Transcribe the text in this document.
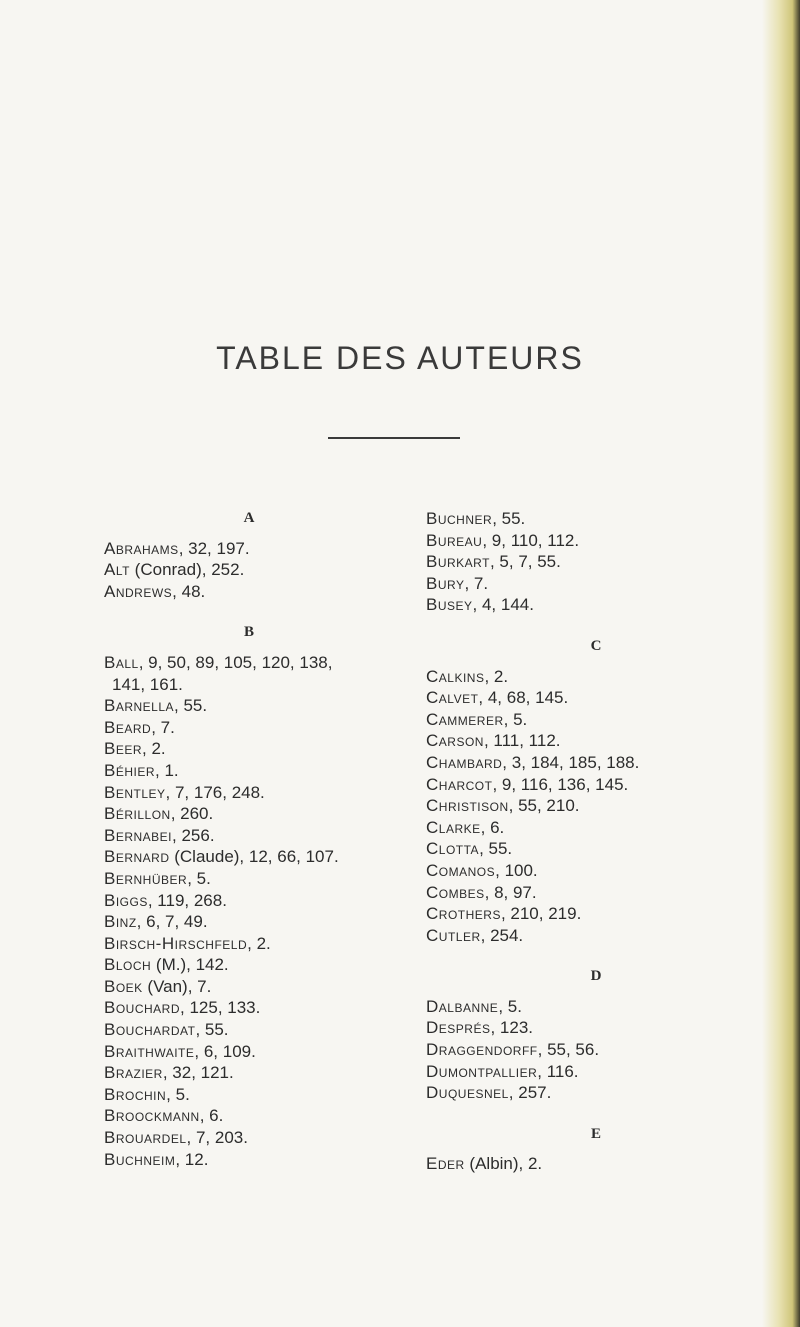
TABLE DES AUTEURS
A
Abrahams, 32, 197.
Alt (Conrad), 252.
Andrews, 48.
B
Ball, 9, 50, 89, 105, 120, 138,
141, 161.
Barnella, 55.
Beard, 7.
Beer, 2.
Béhier, 1.
Bentley, 7, 176, 248.
Bérillon, 260.
Bernabei, 256.
Bernard (Claude), 12, 66, 107.
Bernhüber, 5.
Biggs, 119, 268.
Binz, 6, 7, 49.
Birsch-Hirschfeld, 2.
Bloch (M.), 142.
Boek (Van), 7.
Bouchard, 125, 133.
Bouchardat, 55.
Braithwaite, 6, 109.
Brazier, 32, 121.
Brochin, 5.
Broockmann, 6.
Brouardel, 7, 203.
Buchneim, 12.
Buchner, 55.
Bureau, 9, 110, 112.
Burkart, 5, 7, 55.
Bury, 7.
Busey, 4, 144.
C
Calkins, 2.
Calvet, 4, 68, 145.
Cammerer, 5.
Carson, 111, 112.
Chambard, 3, 184, 185, 188.
Charcot, 9, 116, 136, 145.
Christison, 55, 210.
Clarke, 6.
Clotta, 55.
Comanos, 100.
Combes, 8, 97.
Crothers, 210, 219.
Cutler, 254.
D
Dalbanne, 5.
Després, 123.
Draggendorff, 55, 56.
Dumontpallier, 116.
Duquesnel, 257.
E
Eder (Albin), 2.
